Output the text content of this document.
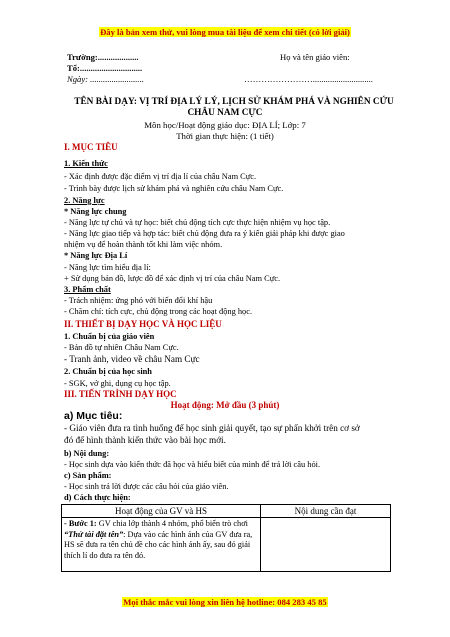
Đây là bản xem thử, vui lòng mua tài liệu để xem chi tiết (có lời giải)
Trường:...................
Tổ:.............................
Ngày: .........................
Họ và tên giáo viên:
……………………............................
TÊN BÀI DẠY: VỊ TRÍ ĐỊA LÝ LÝ, LỊCH SỬ KHÁM PHÁ VÀ NGHIÊN CỨU
CHÂU NAM CỰC
Môn học/Hoạt động giáo dục: ĐỊA LÍ; Lớp: 7
Thời gian thực hiện: (1 tiết)
I. MỤC TIÊU
1. Kiến thức
- Xác định được đặc điểm vị trí địa lí của châu Nam Cực.
- Trình bày được lịch sử khám phá và nghiên cứu châu Nam Cực.
2. Năng lực
* Năng lực chung
- Năng lực tự chủ và tự học: biết chủ động tích cực thực hiện nhiệm vụ học tập.
- Năng lực giao tiếp và hợp tác: biết chủ động đưa ra ý kiến giải pháp khi được giao
nhiệm vụ để hoàn thành tốt khi làm việc nhóm.
* Năng lực Địa Lí
- Năng lực tìm hiểu địa lí:
+ Sử dụng bản đồ, lược đồ để xác định vị trí của châu Nam Cực.
3. Phẩm chất
- Trách nhiệm: ứng phó với biến đổi khí hậu
- Chăm chỉ: tích cực, chủ động trong các hoạt động học.
II. THIẾT BỊ DẠY HỌC VÀ HỌC LIỆU
1. Chuẩn bị của giáo viên
- Bản đồ tự nhiên Châu Nam Cực.
- Tranh ảnh, video về châu Nam Cực
2. Chuẩn bị của học sinh
- SGK, vở ghi, dụng cụ học tập.
III. TIẾN TRÌNH DẠY HỌC
Hoạt động: Mở đầu (3 phút)
a) Mục tiêu:
- Giáo viên đưa ra tình huống để học sinh giải quyết, tạo sự phấn khởi trên cơ sở
đó để hình thành kiến thức vào bài học mới.
b) Nội dung:
- Học sinh dựa vào kiến thức đã học và hiểu biết của mình để trả lời câu hỏi.
c) Sản phẩm:
- Học sinh trả lời được các câu hỏi của giáo viên.
d) Cách thực hiện:
Hoạt động của GV và HS	Nội dung cần đạt
- Bước 1: GV chia lớp thành 4 nhóm, phổ biến trò chơi “Thử tài đặt tên”: Dựa vào các hình ảnh của GV đưa ra, HS sẽ đưa ra tên chủ đề cho các hình ảnh ấy, sau đó giải thích lí do đưa ra tên đó.	
Mọi thắc mắc vui lòng xin liên hệ hotline: 084 283 45 85
